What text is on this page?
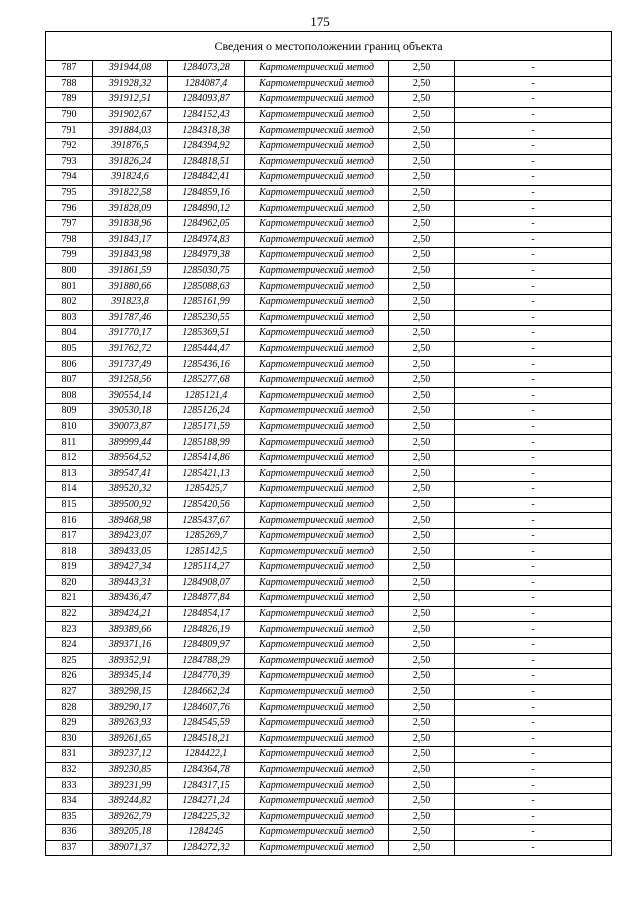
175
Сведения о местоположении границ объекта					
787	391944,08	1284073,28	Картометрический метод	2,50	-
788	391928,32	1284087,4	Картометрический метод	2,50	-
789	391912,51	1284093,87	Картометрический метод	2,50	-
790	391902,67	1284152,43	Картометрический метод	2,50	-
791	391884,03	1284318,38	Картометрический метод	2,50	-
792	391876,5	1284394,92	Картометрический метод	2,50	-
793	391826,24	1284818,51	Картометрический метод	2,50	-
794	391824,6	1284842,41	Картометрический метод	2,50	-
795	391822,58	1284859,16	Картометрический метод	2,50	-
796	391828,09	1284890,12	Картометрический метод	2,50	-
797	391838,96	1284962,05	Картометрический метод	2,50	-
798	391843,17	1284974,83	Картометрический метод	2,50	-
799	391843,98	1284979,38	Картометрический метод	2,50	-
800	391861,59	1285030,75	Картометрический метод	2,50	-
801	391880,66	1285088,63	Картометрический метод	2,50	-
802	391823,8	1285161,99	Картометрический метод	2,50	-
803	391787,46	1285230,55	Картометрический метод	2,50	-
804	391770,17	1285369,51	Картометрический метод	2,50	-
805	391762,72	1285444,47	Картометрический метод	2,50	-
806	391737,49	1285436,16	Картометрический метод	2,50	-
807	391258,56	1285277,68	Картометрический метод	2,50	-
808	390554,14	1285121,4	Картометрический метод	2,50	-
809	390530,18	1285126,24	Картометрический метод	2,50	-
810	390073,87	1285171,59	Картометрический метод	2,50	-
811	389999,44	1285188,99	Картометрический метод	2,50	-
812	389564,52	1285414,86	Картометрический метод	2,50	-
813	389547,41	1285421,13	Картометрический метод	2,50	-
814	389520,32	1285425,7	Картометрический метод	2,50	-
815	389500,92	1285420,56	Картометрический метод	2,50	-
816	389468,98	1285437,67	Картометрический метод	2,50	-
817	389423,07	1285269,7	Картометрический метод	2,50	-
818	389433,05	1285142,5	Картометрический метод	2,50	-
819	389427,34	1285114,27	Картометрический метод	2,50	-
820	389443,31	1284908,07	Картометрический метод	2,50	-
821	389436,47	1284877,84	Картометрический метод	2,50	-
822	389424,21	1284854,17	Картометрический метод	2,50	-
823	389389,66	1284826,19	Картометрический метод	2,50	-
824	389371,16	1284809,97	Картометрический метод	2,50	-
825	389352,91	1284788,29	Картометрический метод	2,50	-
826	389345,14	1284770,39	Картометрический метод	2,50	-
827	389298,15	1284662,24	Картометрический метод	2,50	-
828	389290,17	1284607,76	Картометрический метод	2,50	-
829	389263,93	1284545,59	Картометрический метод	2,50	-
830	389261,65	1284518,21	Картометрический метод	2,50	-
831	389237,12	1284422,1	Картометрический метод	2,50	-
832	389230,85	1284364,78	Картометрический метод	2,50	-
833	389231,99	1284317,15	Картометрический метод	2,50	-
834	389244,82	1284271,24	Картометрический метод	2,50	-
835	389262,79	1284225,32	Картометрический метод	2,50	-
836	389205,18	1284245	Картометрический метод	2,50	-
837	389071,37	1284272,32	Картометрический метод	2,50	-
